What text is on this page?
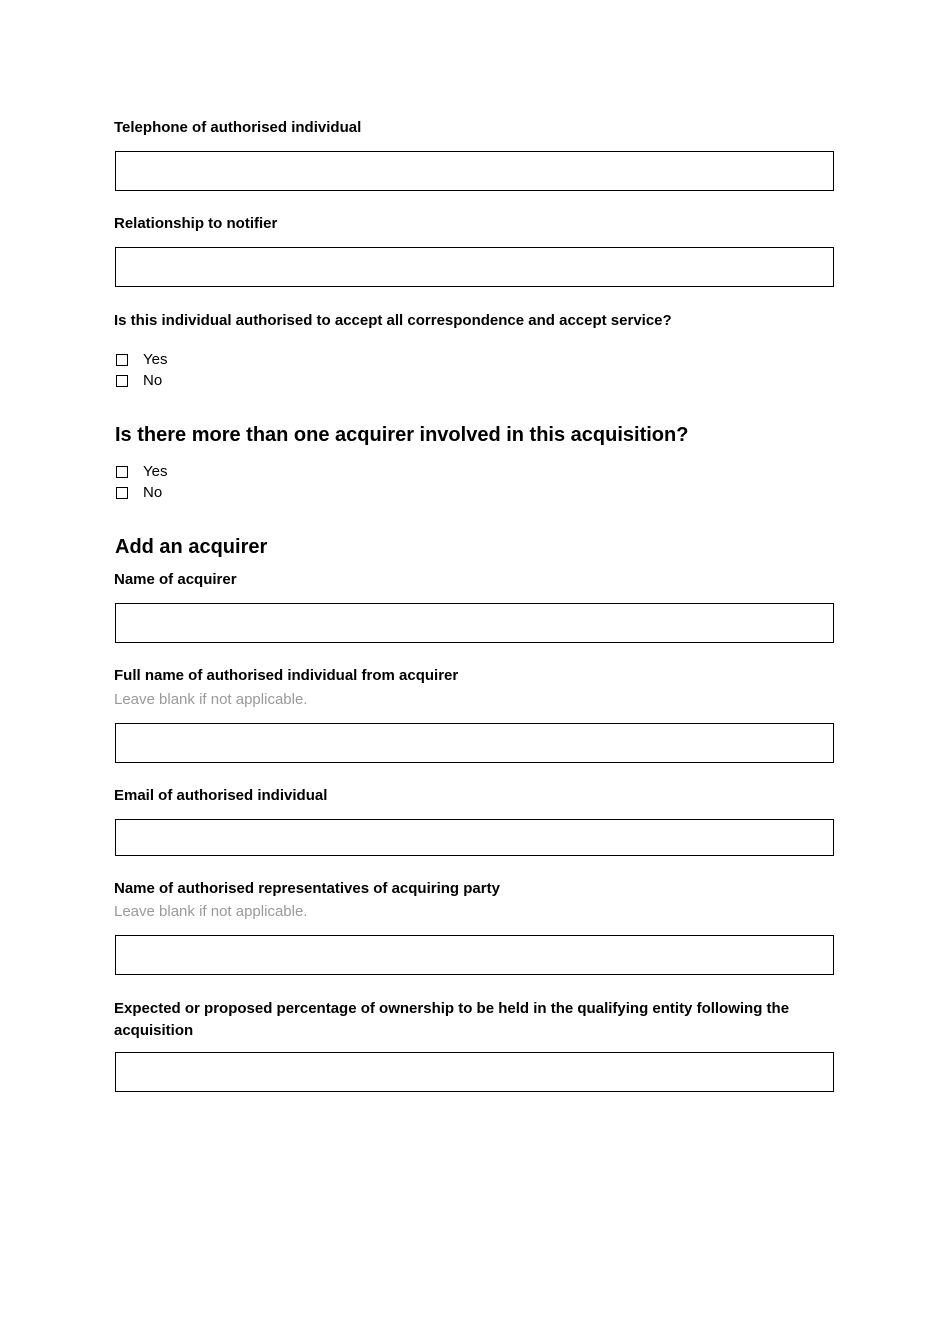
Telephone of authorised individual
Relationship to notifier
Is this individual authorised to accept all correspondence and accept service?
Yes
No
Is there more than one acquirer involved in this acquisition?
Yes
No
Add an acquirer
Name of acquirer
Full name of authorised individual from acquirer
Leave blank if not applicable.
Email of authorised individual
Name of authorised representatives of acquiring party
Leave blank if not applicable.
Expected or proposed percentage of ownership to be held in the qualifying entity following the acquisition
